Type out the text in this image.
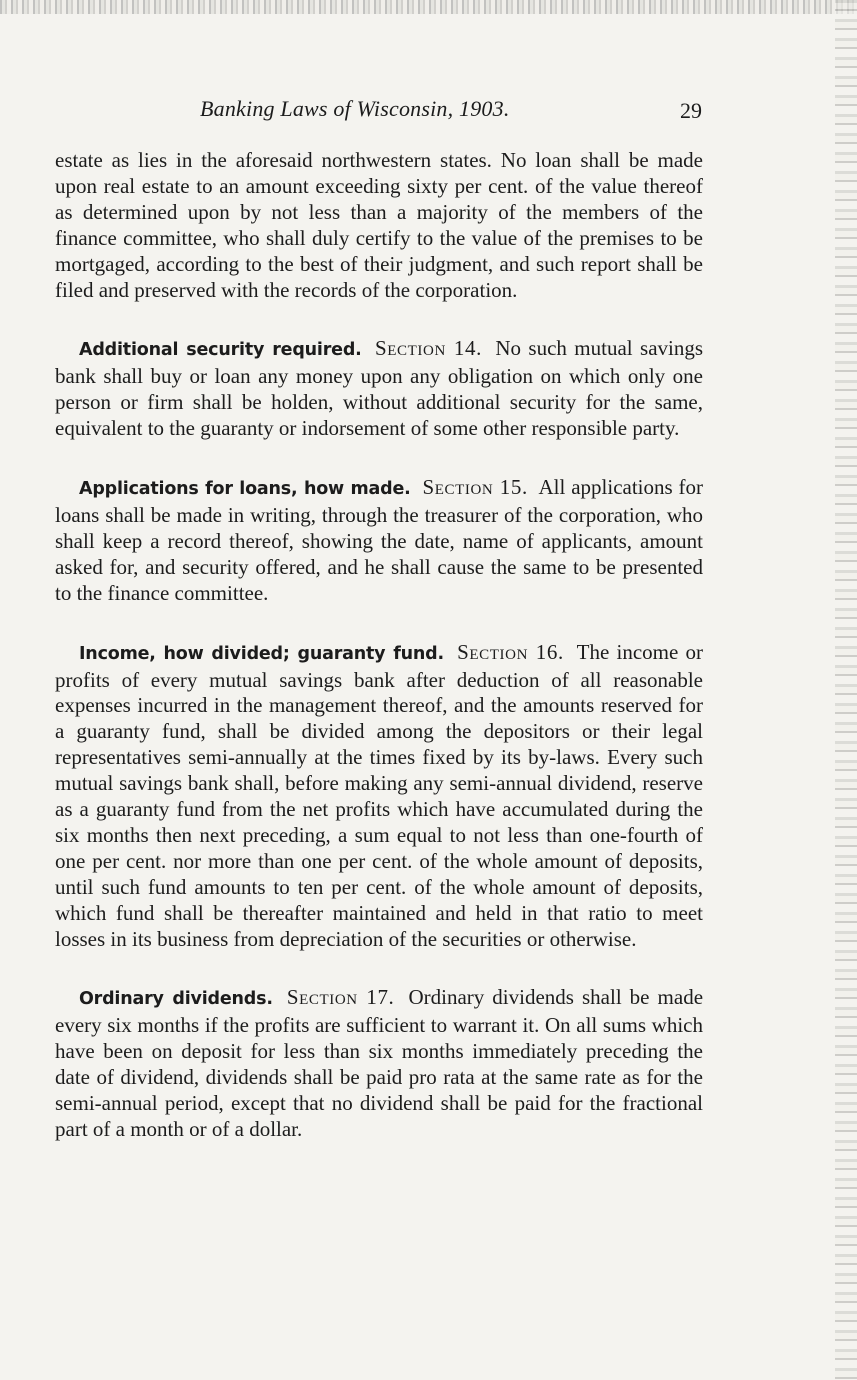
Banking Laws of Wisconsin, 1903.	29

estate as lies in the aforesaid northwestern states. No loan shall be made upon real estate to an amount exceeding sixty per cent. of the value thereof as determined upon by not less than a majority of the members of the finance committee, who shall duly certify to the value of the premises to be mortgaged, according to the best of their judgment, and such report shall be filed and preserved with the records of the corporation.

Additional security required. Section 14. No such mutual savings bank shall buy or loan any money upon any obligation on which only one person or firm shall be holden, without additional security for the same, equivalent to the guaranty or indorsement of some other responsible party.

Applications for loans, how made. Section 15. All applications for loans shall be made in writing, through the treasurer of the corporation, who shall keep a record thereof, showing the date, name of applicants, amount asked for, and security offered, and he shall cause the same to be presented to the finance committee.

Income, how divided; guaranty fund. Section 16. The income or profits of every mutual savings bank after deduction of all reasonable expenses incurred in the management thereof, and the amounts reserved for a guaranty fund, shall be divided among the depositors or their legal representatives semi-annually at the times fixed by its by-laws. Every such mutual savings bank shall, before making any semi-annual dividend, reserve as a guaranty fund from the net profits which have accumulated during the six months then next preceding, a sum equal to not less than one-fourth of one per cent. nor more than one per cent. of the whole amount of deposits, until such fund amounts to ten per cent. of the whole amount of deposits, which fund shall be thereafter maintained and held in that ratio to meet losses in its business from depreciation of the securities or otherwise.

Ordinary dividends. Section 17. Ordinary dividends shall be made every six months if the profits are sufficient to warrant it. On all sums which have been on deposit for less than six months immediately preceding the date of dividend, dividends shall be paid pro rata at the same rate as for the semi-annual period, except that no dividend shall be paid for the fractional part of a month or of a dollar.
